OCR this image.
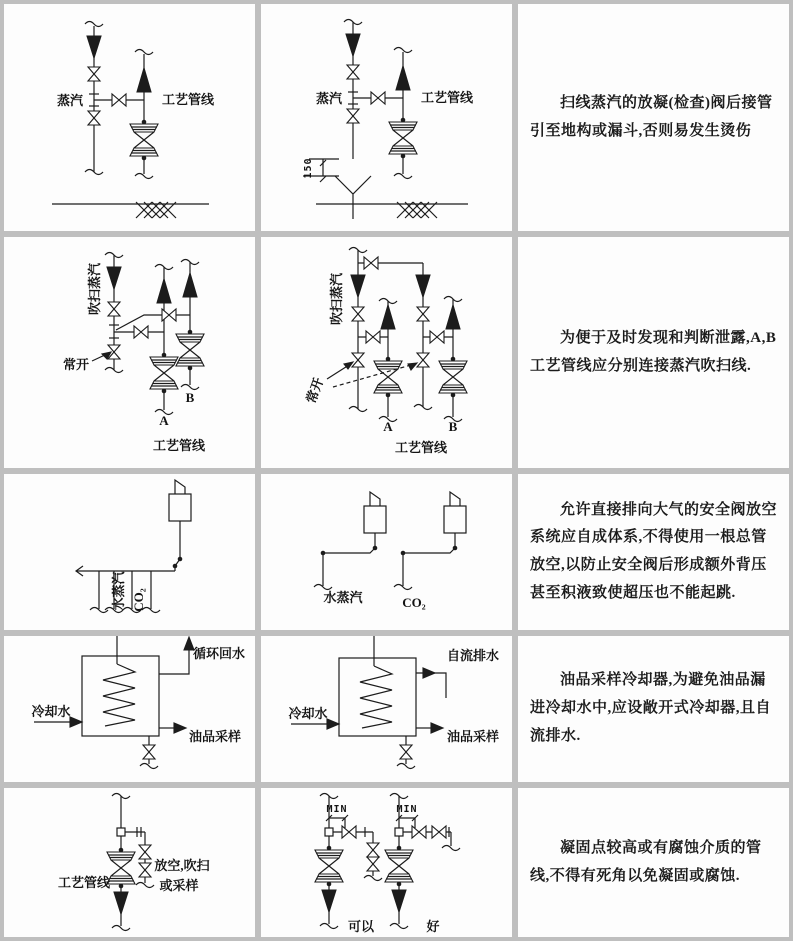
蒸汽	工艺管线
150
蒸汽	工艺管线	扫线蒸汽的放凝(检查)阀后接管引至地构或漏斗,否则易发生烫伤

吹扫蒸汽
常开
A
B
工艺管线
吹扫蒸汽
常开
A	B
工艺管线

为便于及时发现和判断泄露,A,B工艺管线应分别连接蒸汽吹扫线.

水蒸汽 CO₂	水蒸汽	CO₂

允许直接排向大气的安全阀放空系统应自成体系,不得使用一根总管放空,以防止安全阀后形成额外背压甚至积液致使超压也不能起跳.

冷却水
循环回水
油品采样
冷却水
自流排水
油品采样

油品采样冷却器,为避免油品漏进冷却水中,应设敞开式冷却器,且自流排水.

工艺管线
放空,吹扫
或采样
MIN	MIN
可以	好

凝固点较高或有腐蚀介质的管线,不得有死角以免凝固或腐蚀.
